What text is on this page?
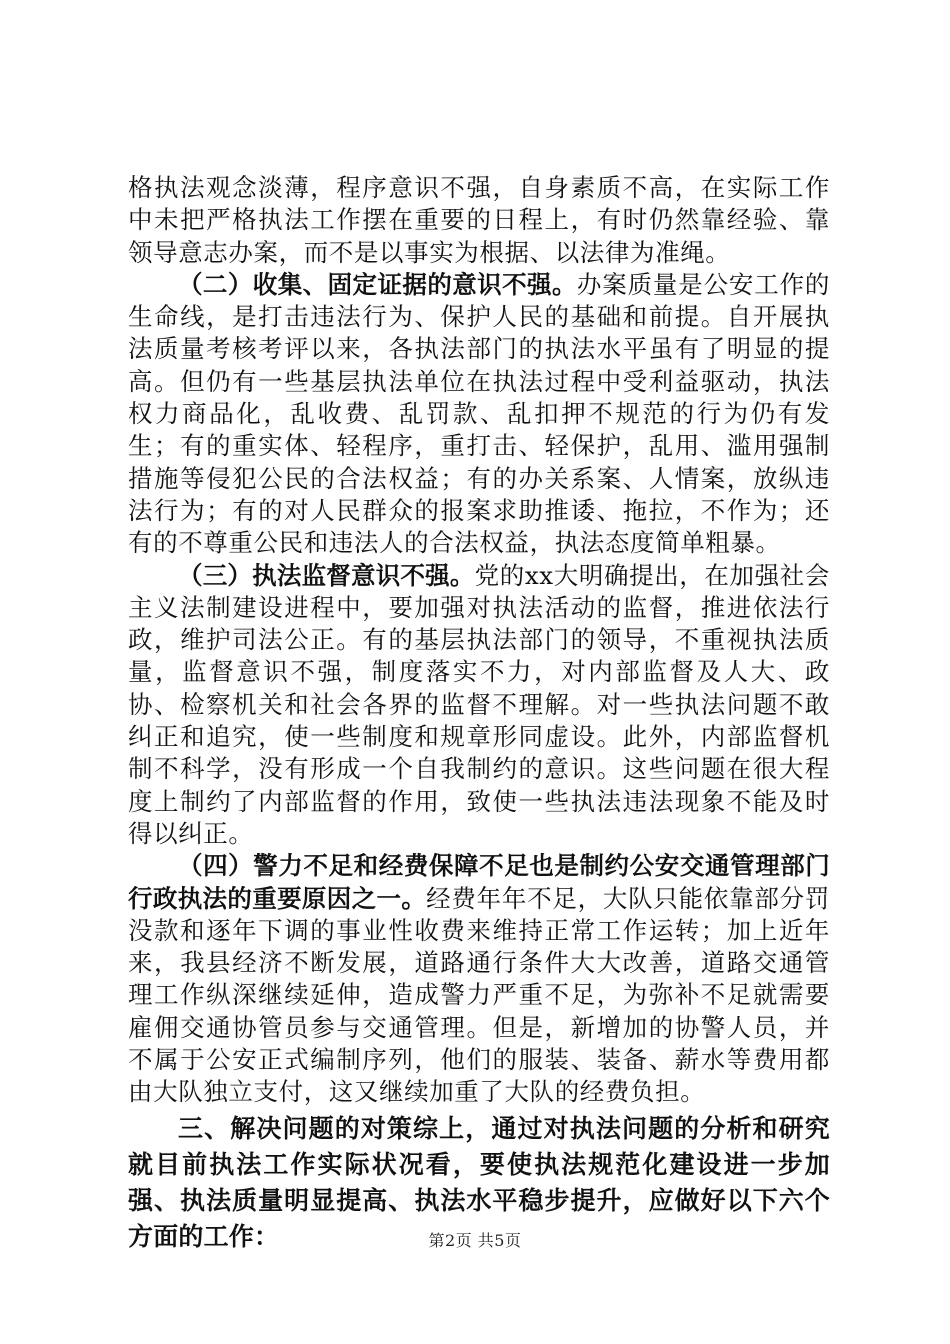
格执法观念淡薄，程序意识不强，自身素质不高，在实际工作中未把严格执法工作摆在重要的日程上，有时仍然靠经验、靠领导意志办案，而不是以事实为根据、以法律为准绳。

（二）收集、固定证据的意识不强。办案质量是公安工作的生命线，是打击违法行为、保护人民的基础和前提。自开展执法质量考核考评以来，各执法部门的执法水平虽有了明显的提高。但仍有一些基层执法单位在执法过程中受利益驱动，执法权力商品化，乱收费、乱罚款、乱扣押不规范的行为仍有发生；有的重实体、轻程序，重打击、轻保护，乱用、滥用强制措施等侵犯公民的合法权益；有的办关系案、人情案，放纵违法行为；有的对人民群众的报案求助推诿、拖拉，不作为；还有的不尊重公民和违法人的合法权益，执法态度简单粗暴。

（三）执法监督意识不强。党的xx大明确提出，在加强社会主义法制建设进程中，要加强对执法活动的监督，推进依法行政，维护司法公正。有的基层执法部门的领导，不重视执法质量，监督意识不强，制度落实不力，对内部监督及人大、政协、检察机关和社会各界的监督不理解。对一些执法问题不敢纠正和追究，使一些制度和规章形同虚设。此外，内部监督机制不科学，没有形成一个自我制约的意识。这些问题在很大程度上制约了内部监督的作用，致使一些执法违法现象不能及时得以纠正。

（四）警力不足和经费保障不足也是制约公安交通管理部门行政执法的重要原因之一。经费年年不足，大队只能依靠部分罚没款和逐年下调的事业性收费来维持正常工作运转；加上近年来，我县经济不断发展，道路通行条件大大改善，道路交通管理工作纵深继续延伸，造成警力严重不足，为弥补不足就需要雇佣交通协管员参与交通管理。但是，新增加的协警人员，并不属于公安正式编制序列，他们的服装、装备、薪水等费用都由大队独立支付，这又继续加重了大队的经费负担。

三、解决问题的对策综上，通过对执法问题的分析和研究就目前执法工作实际状况看，要使执法规范化建设进一步加强、执法质量明显提高、执法水平稳步提升，应做好以下六个方面的工作：	第2页 共5页
